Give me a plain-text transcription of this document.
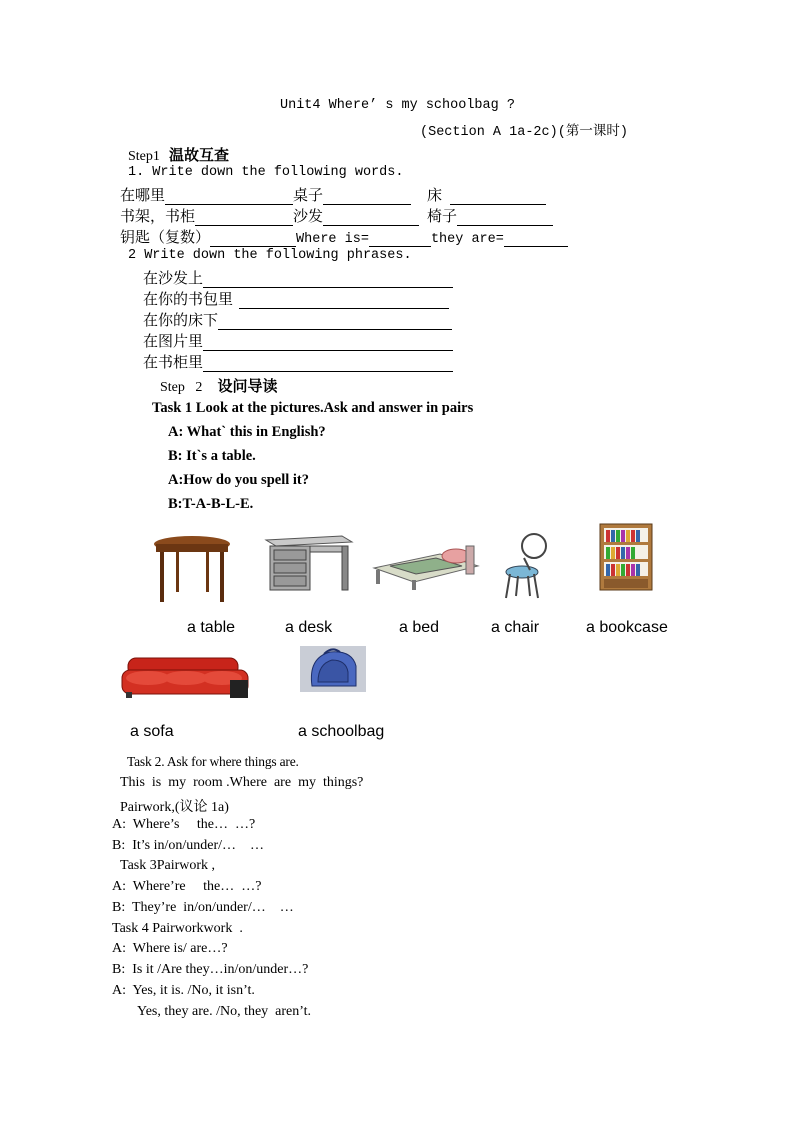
Unit4 Where’ s my schoolbag ?
(Section A 1a-2c)(第一课时)
Step1 温故互查
1. Write down the following words.
在哪里	桌子	床
书架，书柜	沙发	椅子
钥匙（复数）	Where is=	they are=
2 Write down the following phrases.
在沙发上
在你的书包里
在你的床下
在图片里
在书柜里
Step   2 设问导读
Task 1 Look at the pictures.Ask and answer in pairs
A: What` this in English?
B: It`s a table.
A:How do you spell it?
B:T-A-B-L-E.
a table	a desk	a bed	a chair	a bookcase
a sofa	a schoolbag
Task 2. Ask for where things are.
This  is  my  room .Where  are  my  things?
Pairwork,(议论 1a)
A:  Where’s     the…  …?
B:  It’s in/on/under/…    …
Task 3Pairwork ,
A:  Where’re     the…  …?
B:  They’re  in/on/under/…    …
Task 4 Pairworkwork  .
A:  Where is/ are…?
B:  Is it /Are they…in/on/under…?
A:  Yes, it is. /No, it isn’t.
Yes, they are. /No, they  aren’t.
